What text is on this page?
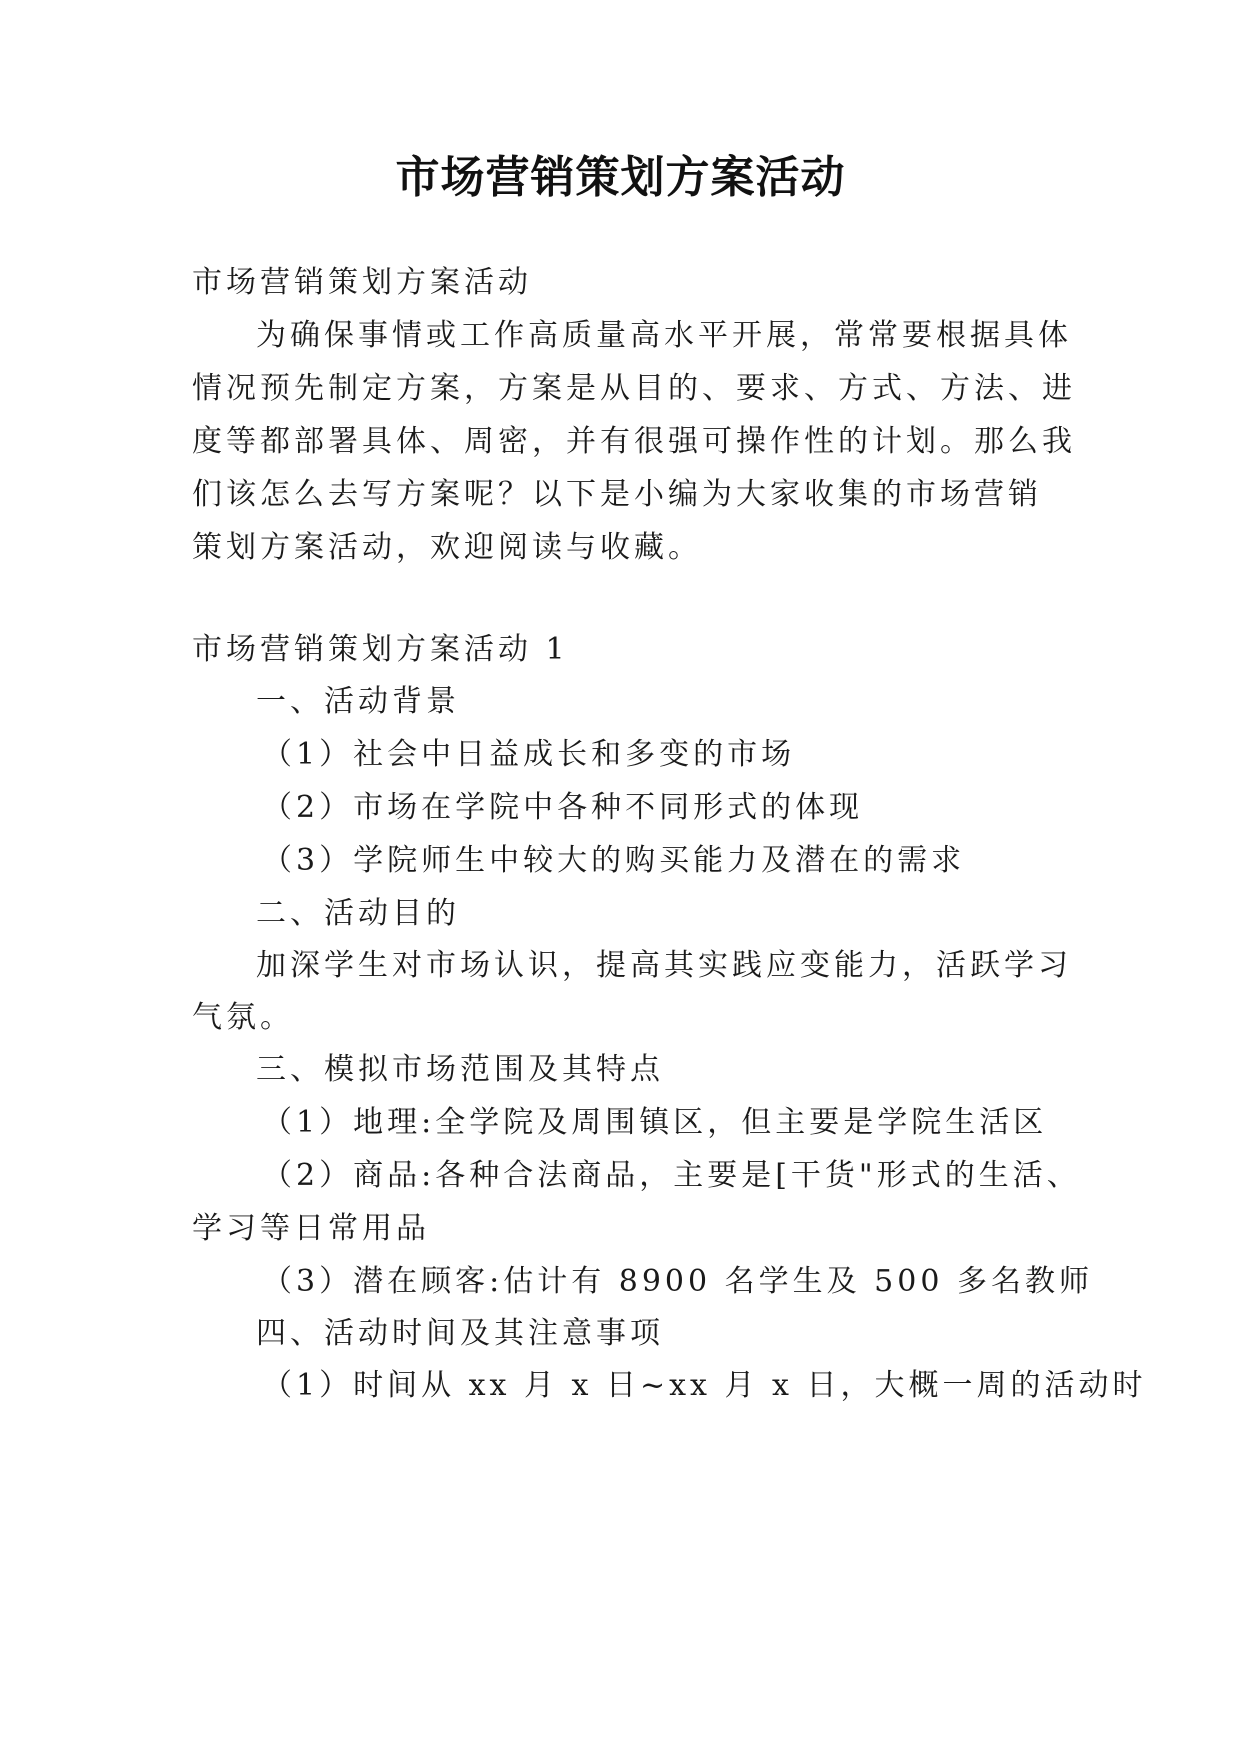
市场营销策划方案活动
市场营销策划方案活动
为确保事情或工作高质量高水平开展，常常要根据具体
情况预先制定方案，方案是从目的、要求、方式、方法、进
度等都部署具体、周密，并有很强可操作性的计划。那么我
们该怎么去写方案呢？以下是小编为大家收集的市场营销
策划方案活动，欢迎阅读与收藏。
市场营销策划方案活动 1
一、活动背景
（1）社会中日益成长和多变的市场
（2）市场在学院中各种不同形式的体现
（3）学院师生中较大的购买能力及潜在的需求
二、活动目的
加深学生对市场认识，提高其实践应变能力，活跃学习
气氛。
三、模拟市场范围及其特点
（1）地理:全学院及周围镇区，但主要是学院生活区
（2）商品:各种合法商品，主要是[干货"形式的生活、
学习等日常用品
（3）潜在顾客:估计有 8900 名学生及 500 多名教师
四、活动时间及其注意事项
（1）时间从 xx 月 x 日~xx 月 x 日，大概一周的活动时
